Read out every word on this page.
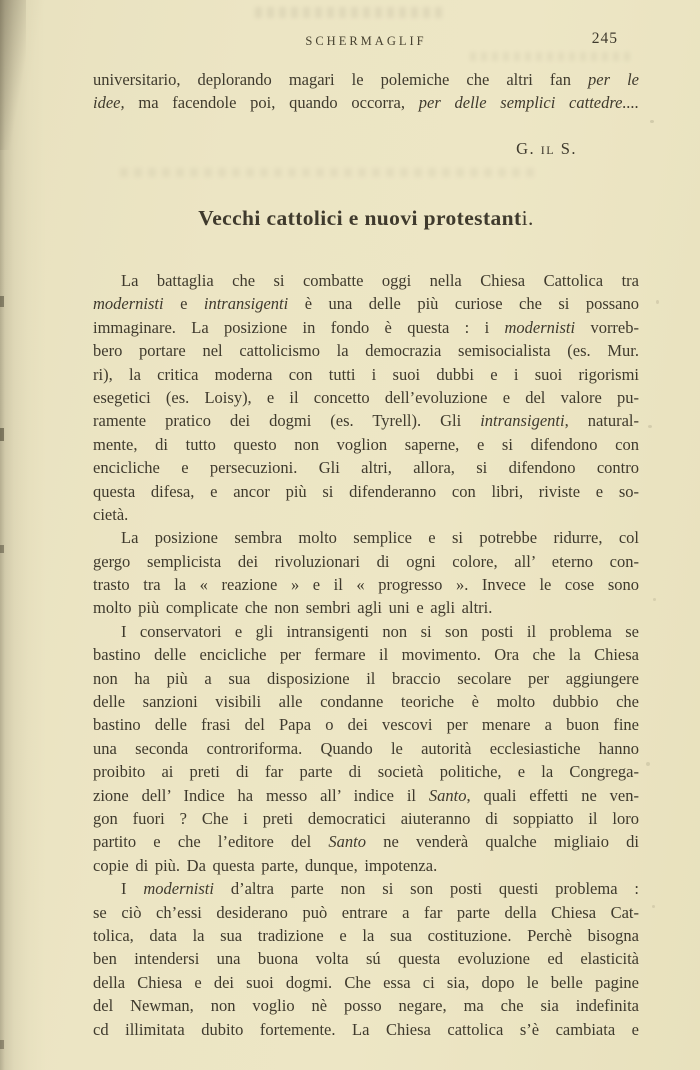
SCHERMAGLIF	245
universitario, deplorando magari le polemiche che altri fan per le
idee, ma facendole poi, quando occorra, per delle semplici cattedre....
G. il S.
Vecchi cattolici e nuovi protestanti.
La battaglia che si combatte oggi nella Chiesa Cattolica tra
modernisti e intransigenti è una delle più curiose che si possano
immaginare. La posizione in fondo è questa : i modernisti vorreb-
bero portare nel cattolicismo la democrazia semisocialista (es. Mur.
ri), la critica moderna con tutti i suoi dubbi e i suoi rigorismi
esegetici (es. Loisy), e il concetto dell’evoluzione e del valore pu-
ramente pratico dei dogmi (es. Tyrell). Gli intransigenti, natural-
mente, di tutto questo non voglion saperne, e si difendono con
encicliche e persecuzioni. Gli altri, allora, si difendono contro
questa difesa, e ancor più si difenderanno con libri, riviste e so-
cietà.
La posizione sembra molto semplice e si potrebbe ridurre, col
gergo semplicista dei rivoluzionari di ogni colore, all’ eterno con-
trasto tra la « reazione » e il « progresso ». Invece le cose sono
molto più complicate che non sembri agli uni e agli altri.
I conservatori e gli intransigenti non si son posti il problema se
bastino delle encicliche per fermare il movimento. Ora che la Chiesa
non ha più a sua disposizione il braccio secolare per aggiungere
delle sanzioni visibili alle condanne teoriche è molto dubbio che
bastino delle frasi del Papa o dei vescovi per menare a buon fine
una seconda controriforma. Quando le autorità ecclesiastiche hanno
proibito ai preti di far parte di società politiche, e la Congrega-
zione dell’ Indice ha messo all’ indice il Santo, quali effetti ne ven-
gon fuori ? Che i preti democratici aiuteranno di soppiatto il loro
partito e che l’editore del Santo ne venderà qualche migliaio di
copie di più. Da questa parte, dunque, impotenza.
I modernisti d’altra parte non si son posti questi problema :
se ciò ch’essi desiderano può entrare a far parte della Chiesa Cat-
tolica, data la sua tradizione e la sua costituzione. Perchè bisogna
ben intendersi una buona volta sú questa evoluzione ed elasticità
della Chiesa e dei suoi dogmi. Che essa ci sia, dopo le belle pagine
del Newman, non voglio nè posso negare, ma che sia indefinita
cd illimitata dubito fortemente. La Chiesa cattolica s’è cambiata e
